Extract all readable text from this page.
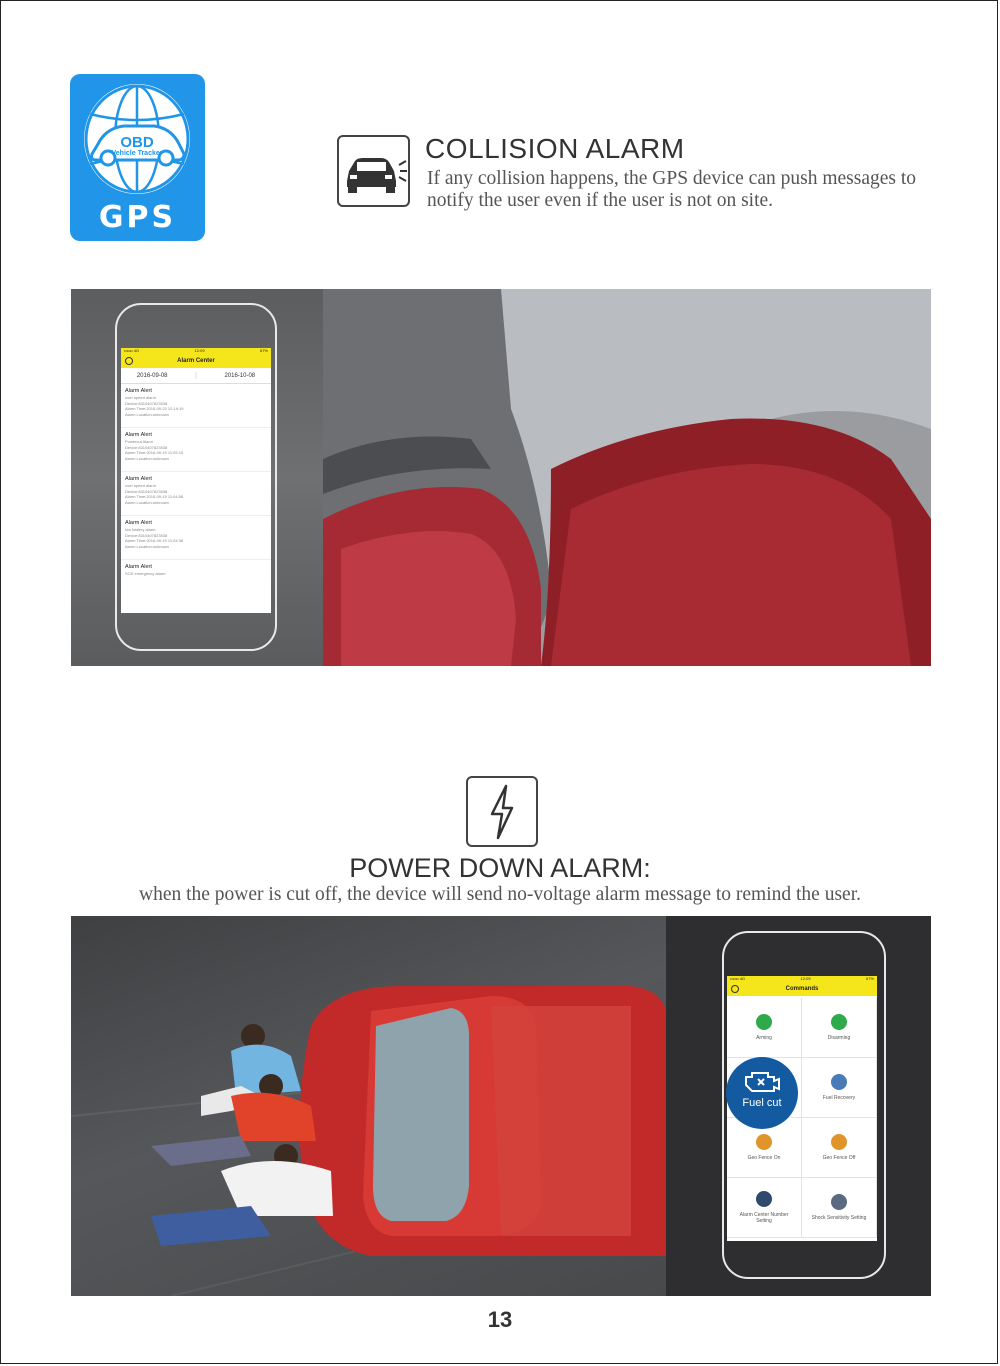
OBD
Vehicle Tracker
GPS
COLLISION ALARM
If any collision happens, the GPS device can push messages to notify the user even if the user is not on site.
•••oo 4G	12:09	67%
Alarm Center
2016-09-08	|	2016-10-08
Alarm Alert
over speed alarm
Device:8310407823538
Alarm Time:2016-09-20 12:19:19
Alarm Location:unknown
Alarm Alert
Powercut Alarm
Device:8310407823538
Alarm Time:2016-09-19 11:05:15
Alarm Location:unknown
Alarm Alert
over speed alarm
Device:8310407823538
Alarm Time:2016-09-19 11:04:58
Alarm Location:unknown
Alarm Alert
low battery alarm
Device:8310407823538
Alarm Time:2016-09-19 11:04:38
Alarm Location:unknown
Alarm Alert
SOS emergency alarm
POWER DOWN ALARM:
when the power is cut off, the device will send no-voltage alarm message to remind the user.
•••oo 4G	12:09	67%
Commands
Arming	Disarming
Fuel Recovery
Geo Fence On	Geo Fence Off
Alarm Center Number Setting	Shock Sensitivity Setting
Fuel cut
13
